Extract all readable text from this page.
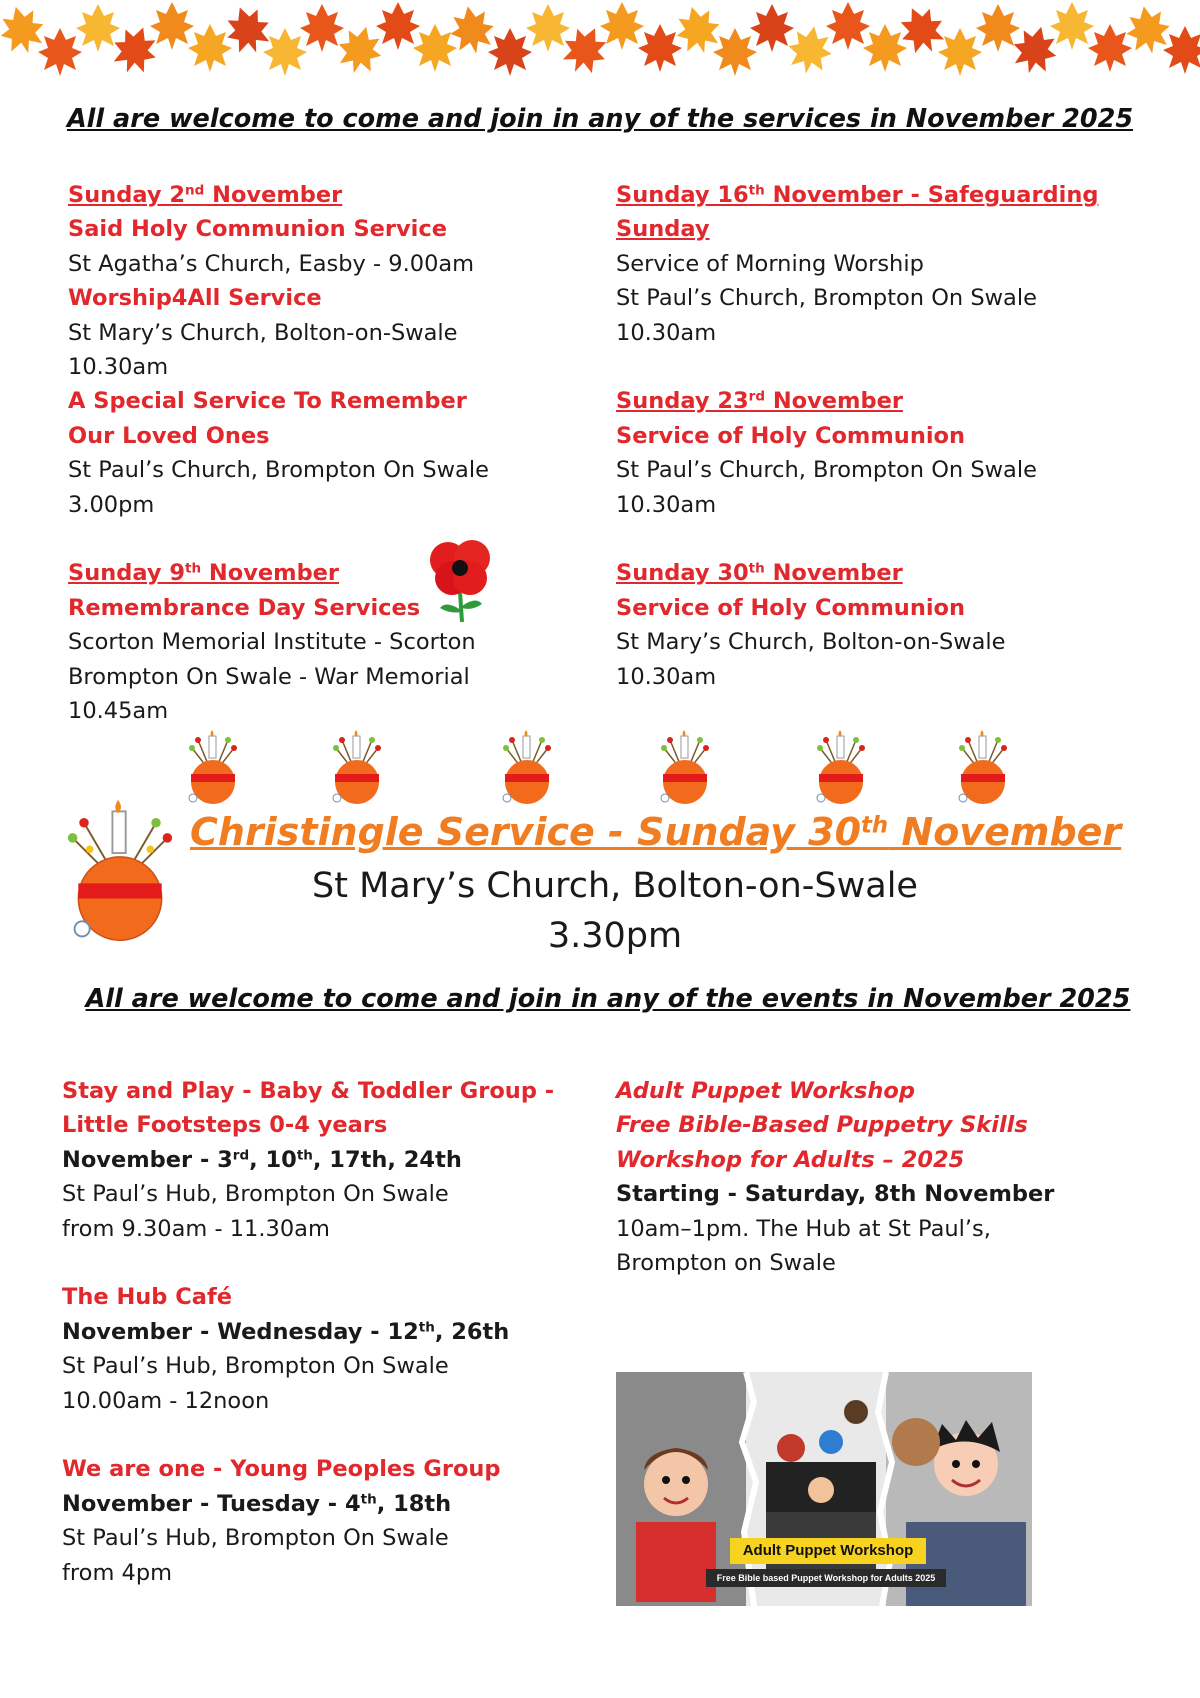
All are welcome to come and join in any of the services in November 2025
Sunday 2nd November
Said Holy Communion Service
St Agatha’s Church, Easby - 9.00am
Worship4All Service
St Mary’s Church, Bolton-on-Swale
10.30am
A Special Service To Remember
Our Loved Ones
St Paul’s Church, Brompton On Swale
3.00pm
Sunday 9th November
Remembrance Day Services
Scorton Memorial Institute - Scorton
Brompton On Swale - War Memorial
10.45am
Sunday 16th November - Safeguarding
Sunday
Service of Morning Worship
St Paul’s Church, Brompton On Swale
10.30am
Sunday 23rd November
Service of Holy Communion
St Paul’s Church, Brompton On Swale
10.30am
Sunday 30th November
Service of Holy Communion
St Mary’s Church, Bolton-on-Swale
10.30am
Christingle Service - Sunday 30th November
St Mary’s Church, Bolton-on-Swale
3.30pm
All are welcome to come and join in any of the events in November 2025
Stay and Play - Baby & Toddler Group -
Little Footsteps 0-4 years
November - 3rd, 10th, 17th, 24th
St Paul’s Hub, Brompton On Swale
from 9.30am - 11.30am
The Hub Café
November - Wednesday - 12th, 26th
St Paul’s Hub, Brompton On Swale
10.00am - 12noon
We are one - Young Peoples Group
November - Tuesday - 4th, 18th
St Paul’s Hub, Brompton On Swale
from 4pm
Adult Puppet Workshop
Free Bible-Based Puppetry Skills
Workshop for Adults – 2025
Starting - Saturday, 8th November
10am–1pm. The Hub at St Paul’s,
Brompton on Swale
Adult Puppet Workshop
Free Bible based Puppet Workshop for Adults 2025
